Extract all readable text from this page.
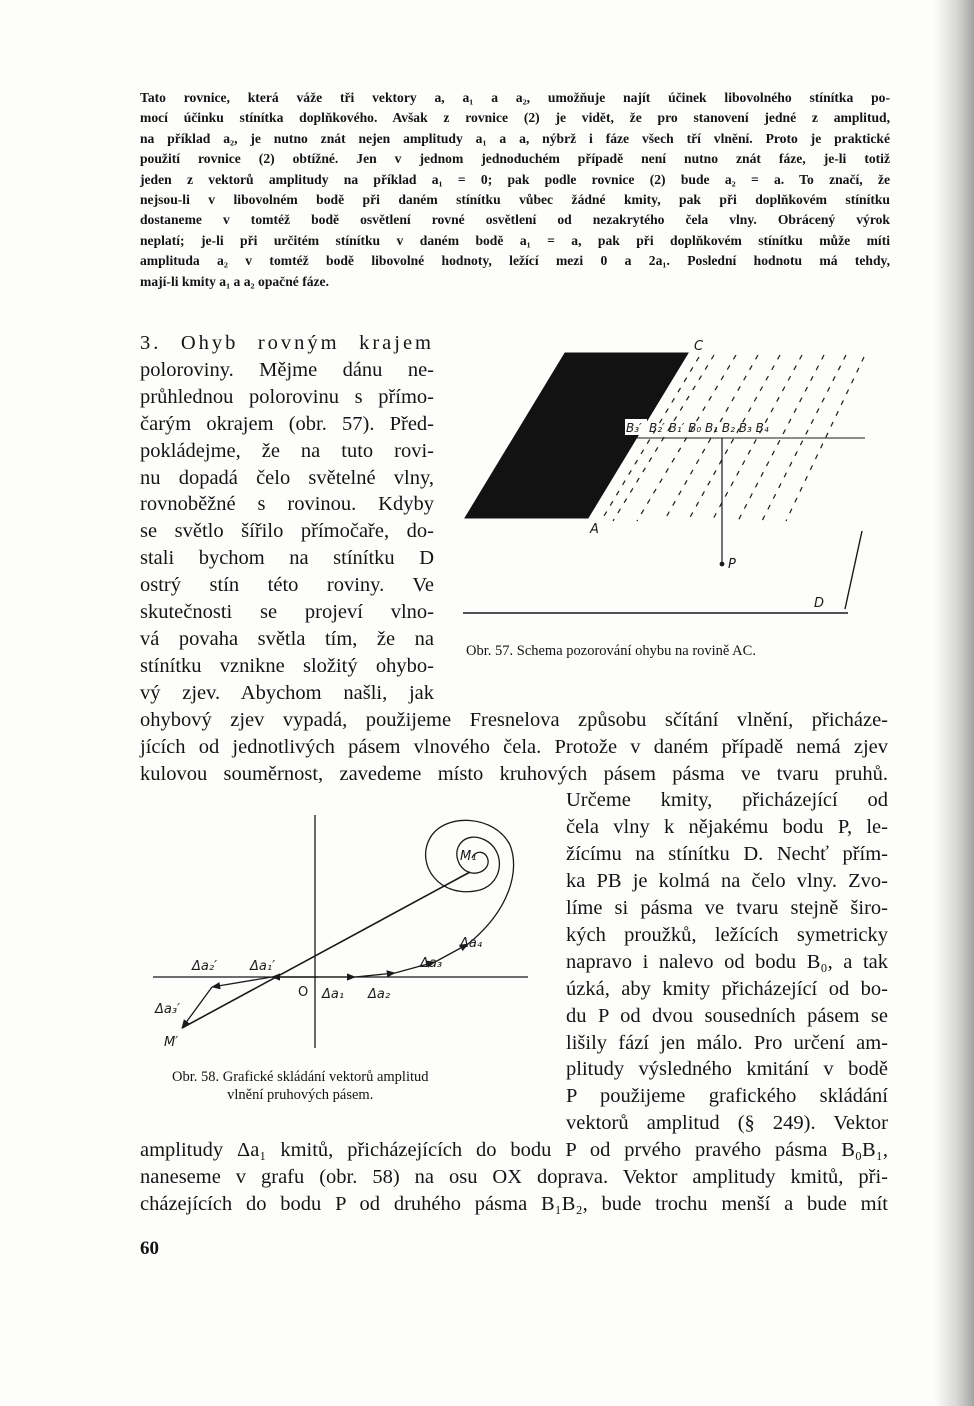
Tato rovnice, která váže tři vektory a, a₁ a a₂, umožňuje najít účinek libovolného stínítka po-
mocí účinku stínítka doplňkového. Avšak z rovnice (2) je vidět, že pro stanovení jedné z amplitud,
na příklad a₂, je nutno znát nejen amplitudy a₁ a a, nýbrž i fáze všech tří vlnění. Proto je praktické
použití rovnice (2) obtížné. Jen v jednom jednoduchém případě není nutno znát fáze, je-li totiž
jeden z vektorů amplitudy na příklad a₁ = 0; pak podle rovnice (2) bude a₂ = a. To značí, že
nejsou-li v libovolném bodě při daném stínítku vůbec žádné kmity, pak při doplňkovém stínítku
dostaneme v tomtéž bodě osvětlení rovné osvětlení od nezakrytého čela vlny. Obrácený výrok
neplatí; je-li při určitém stínítku v daném bodě a₁ = a, pak při doplňkovém stínítku může míti
amplituda a₂ v tomtéž bodě libovolné hodnoty, ležící mezi 0 a 2a₁. Poslední hodnotu má tehdy,
mají-li kmity a₁ a a₂ opačné fáze.
3. Ohyb rovným krajem
poloroviny. Mějme dánu ne-
průhlednou polorovinu s přímo-
čarým okrajem (obr. 57). Před-
pokládejme, že na tuto rovi-
nu dopadá čelo světelné vlny,
rovnoběžné s rovinou. Kdyby
se světlo šířilo přímočaře, do-
stali bychom na stínítku D
ostrý stín této roviny. Ve
skutečnosti se projeví vlno-
vá povaha světla tím, že na
stínítku vznikne složitý ohybo-
vý zjev. Abychom našli, jak
ohybový zjev vypadá, použijeme Fresnelova způsobu sčítání vlnění, přicháze-
jících od jednotlivých pásem vlnového čela. Protože v daném případě nemá zjev
kulovou souměrnost, zavedeme místo kruhových pásem pásma ve tvaru pruhů.
Určeme kmity, přicházející od
čela vlny k nějakému bodu P, le-
žícímu na stínítku D. Nechť přím-
ka PB je kolmá na čelo vlny. Zvo-
líme si pásma ve tvaru stejně širo-
kých proužků, ležících symetricky
napravo i nalevo od bodu B₀, a tak
úzká, aby kmity přicházející od bo-
du P od dvou sousedních pásem se
lišily fází jen málo. Pro určení am-
plitudy výsledného kmitání v bodě
P použijeme grafického skládání
vektorů amplitud (§ 249). Vektor
amplitudy Δa₁ kmitů, přicházejících do bodu P od prvého pravého pásma B₀B₁,
naneseme v grafu (obr. 58) na osu OX doprava. Vektor amplitudy kmitů, při-
cházejících do bodu P od druhého pásma B₁B₂, bude trochu menší a bude mít
C
A
P
D
B₃′ B₂′ B₁′ B₀ B₁ B₂ B₃ B₄
Obr. 57. Schema pozorování ohybu na rovině AC.
Δa₂′	Δa₁′
Δa₃′
M′
O Δa₁ Δa₂
Δa₃
Δa₄
M₁
Obr. 58. Grafické skládání vektorů amplitud
vlnění pruhových pásem.
60
